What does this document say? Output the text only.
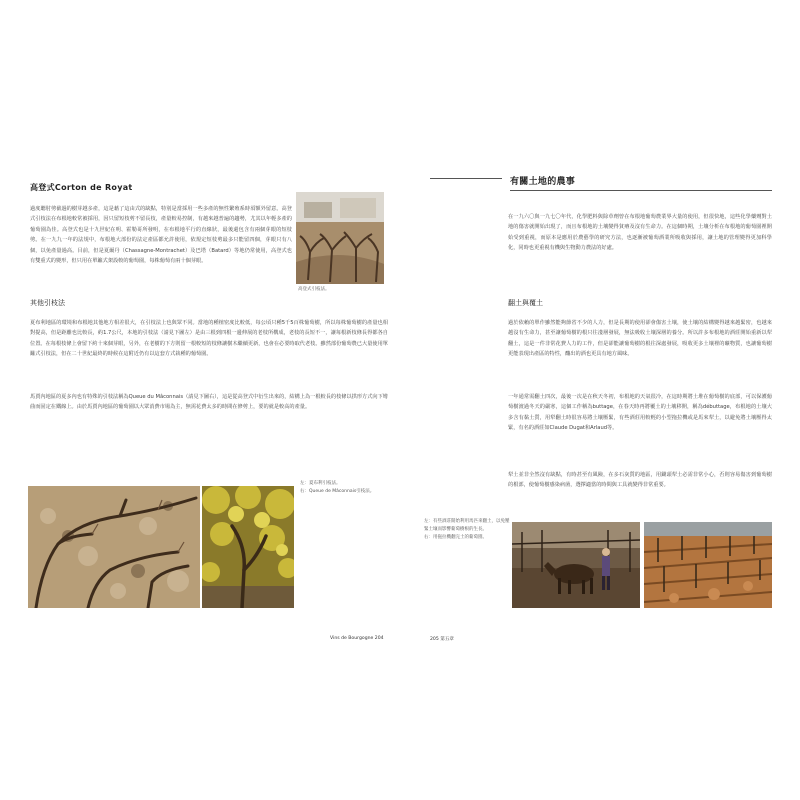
高登式Corton de Royat

過度聽肘剪截過的樹芽越多產，這是藉了這由式的缺點，特別是當採用一些多產的無性繁殖系時須額外留意。高登式引枝法在布根地較常被採用，因只留短枝剪不留長枝，產量較易控制，有越來越普遍的趨勢，尤其以年輕多產的葡萄園為佳。高登式也是十九世紀在明、霍勒哥所發明，在布根地平行的直線狀，最後還包含有兩個芽眼的短枝剪。在一九九一年的法規中，布根地大部份的法定產區都允許使用，依規定短枝剪最多只能留四個，芽眼只有八個，以免產量過高。目前，但是夏爾丹（Chassagne-Montrachet）及巴塔（Batard）等地仍常使用，高登式也有雙重式的變形，但只用在單籬式架設較的葡萄園，每株葡萄有兩十個芽眼。

高登式引枝法。
其他引枝法

夏布利地區的環境和布根地其他地方相差很大，在引枝法上也與眾不同。當地的種植密度比較低，每公頃只種5千5百株葡萄樹，所以每株葡萄樹的產量也相對提高，但是距離也比較長，約1.7公尺，本地的引枝法（請見下圖左）是由三根到四根一邊伸展的老枝所構成，老枝的長短不一，讓每根新枝條長得都各自位置。在每根枝條上會留下約十來個芽眼，另外，在老樹的下方則留一根較短的枝條讓樹木繼續更新，也會在必要時取代老枝。雖然部份葡萄農已大量使用單籬式引枝法，但在二十世紀最終的時候在這附近仍有以這套方式栽種的葡萄園。

馬賈內地區的夏多內也有特殊的引枝法稱為Queue du Mâconnais（請見下圖右），這是從高登式中衍生出來的，結構上為一根較長的枝條以拱形方式向下彎曲而固定在鐵線上。由於馬賈內地區的葡萄園以大眾消費市場為主，無需花費太多的時間在修剪上，要的就是較高的產量。

左：夏布利引枝法。
右：Queue de Mâconnais引枝法。
Vins de Bourgogne 204
有關土地的農事

在一九六〇與一九七〇年代，化學肥料與除草劑曾在布根地葡萄農業界大量的使用，但很快地，這些化學藥劑對土地的傷害就開始出現了，而且布根地的土壤變得貧瘠及沒有生命力。在這個時期，土壤分析在布根地的葡萄園裡開始受到重視，而原本是應用於農藝學的研究方法，也逐漸被葡萄酒業所吸收與採用，讓土地的管理變得更加科學化，同時也更重視有機與生物動力農法的好處。

翻土與覆土

過於依賴的單作雖然能夠節省不少的人力，但是長期的使用卻會傷害土壤，使土壤的結構變得越來越緊密，也越來越沒有生命力，甚至讓葡萄樹的根只往淺層發展，無法吸收土壤深層的養分。所以許多布根地的酒莊開始重新以犁翻土，這是一件非常花費人力的工作，但是卻能讓葡萄樹的根往深處發展，吸收更多土壤裡的礦物質，也讓葡萄樹更能表現出產區的特性，釀出的酒也更具有地方風味。

一年通常需翻土四次，最後一次是在秋天冬初，布根地的天氣很冷，在這時期將土堆在葡萄樹的底部，可以保護葡萄樹渡過冬天的嚴寒，這個工作稱為buttage，在春天時再將覆土的土壤移開，稱為débuttage，布根地的土壤大多含有黏土質，用犁翻土時很容易將土壤壓緊，有些酒莊用較輕的小型拖拉機或是馬來犁土，以避免將土壤壓得太緊，有名的酒莊如Claude Dugat和Arlaud等。

犁土並非全然沒有缺點，有時甚至有風險，在多石灰質的地區，用鋤頭犁土必需非常小心，否則容易傷害到葡萄樹的根部，使葡萄樹感染病菌，選擇適當的時間與工具就變得非常重要。

左：有些酒莊開始利用馬匹來翻土，以免壓緊土壤而影響葡萄樹根的生長。
右：用拖拉機翻完土的葡萄園。
205 第五章
